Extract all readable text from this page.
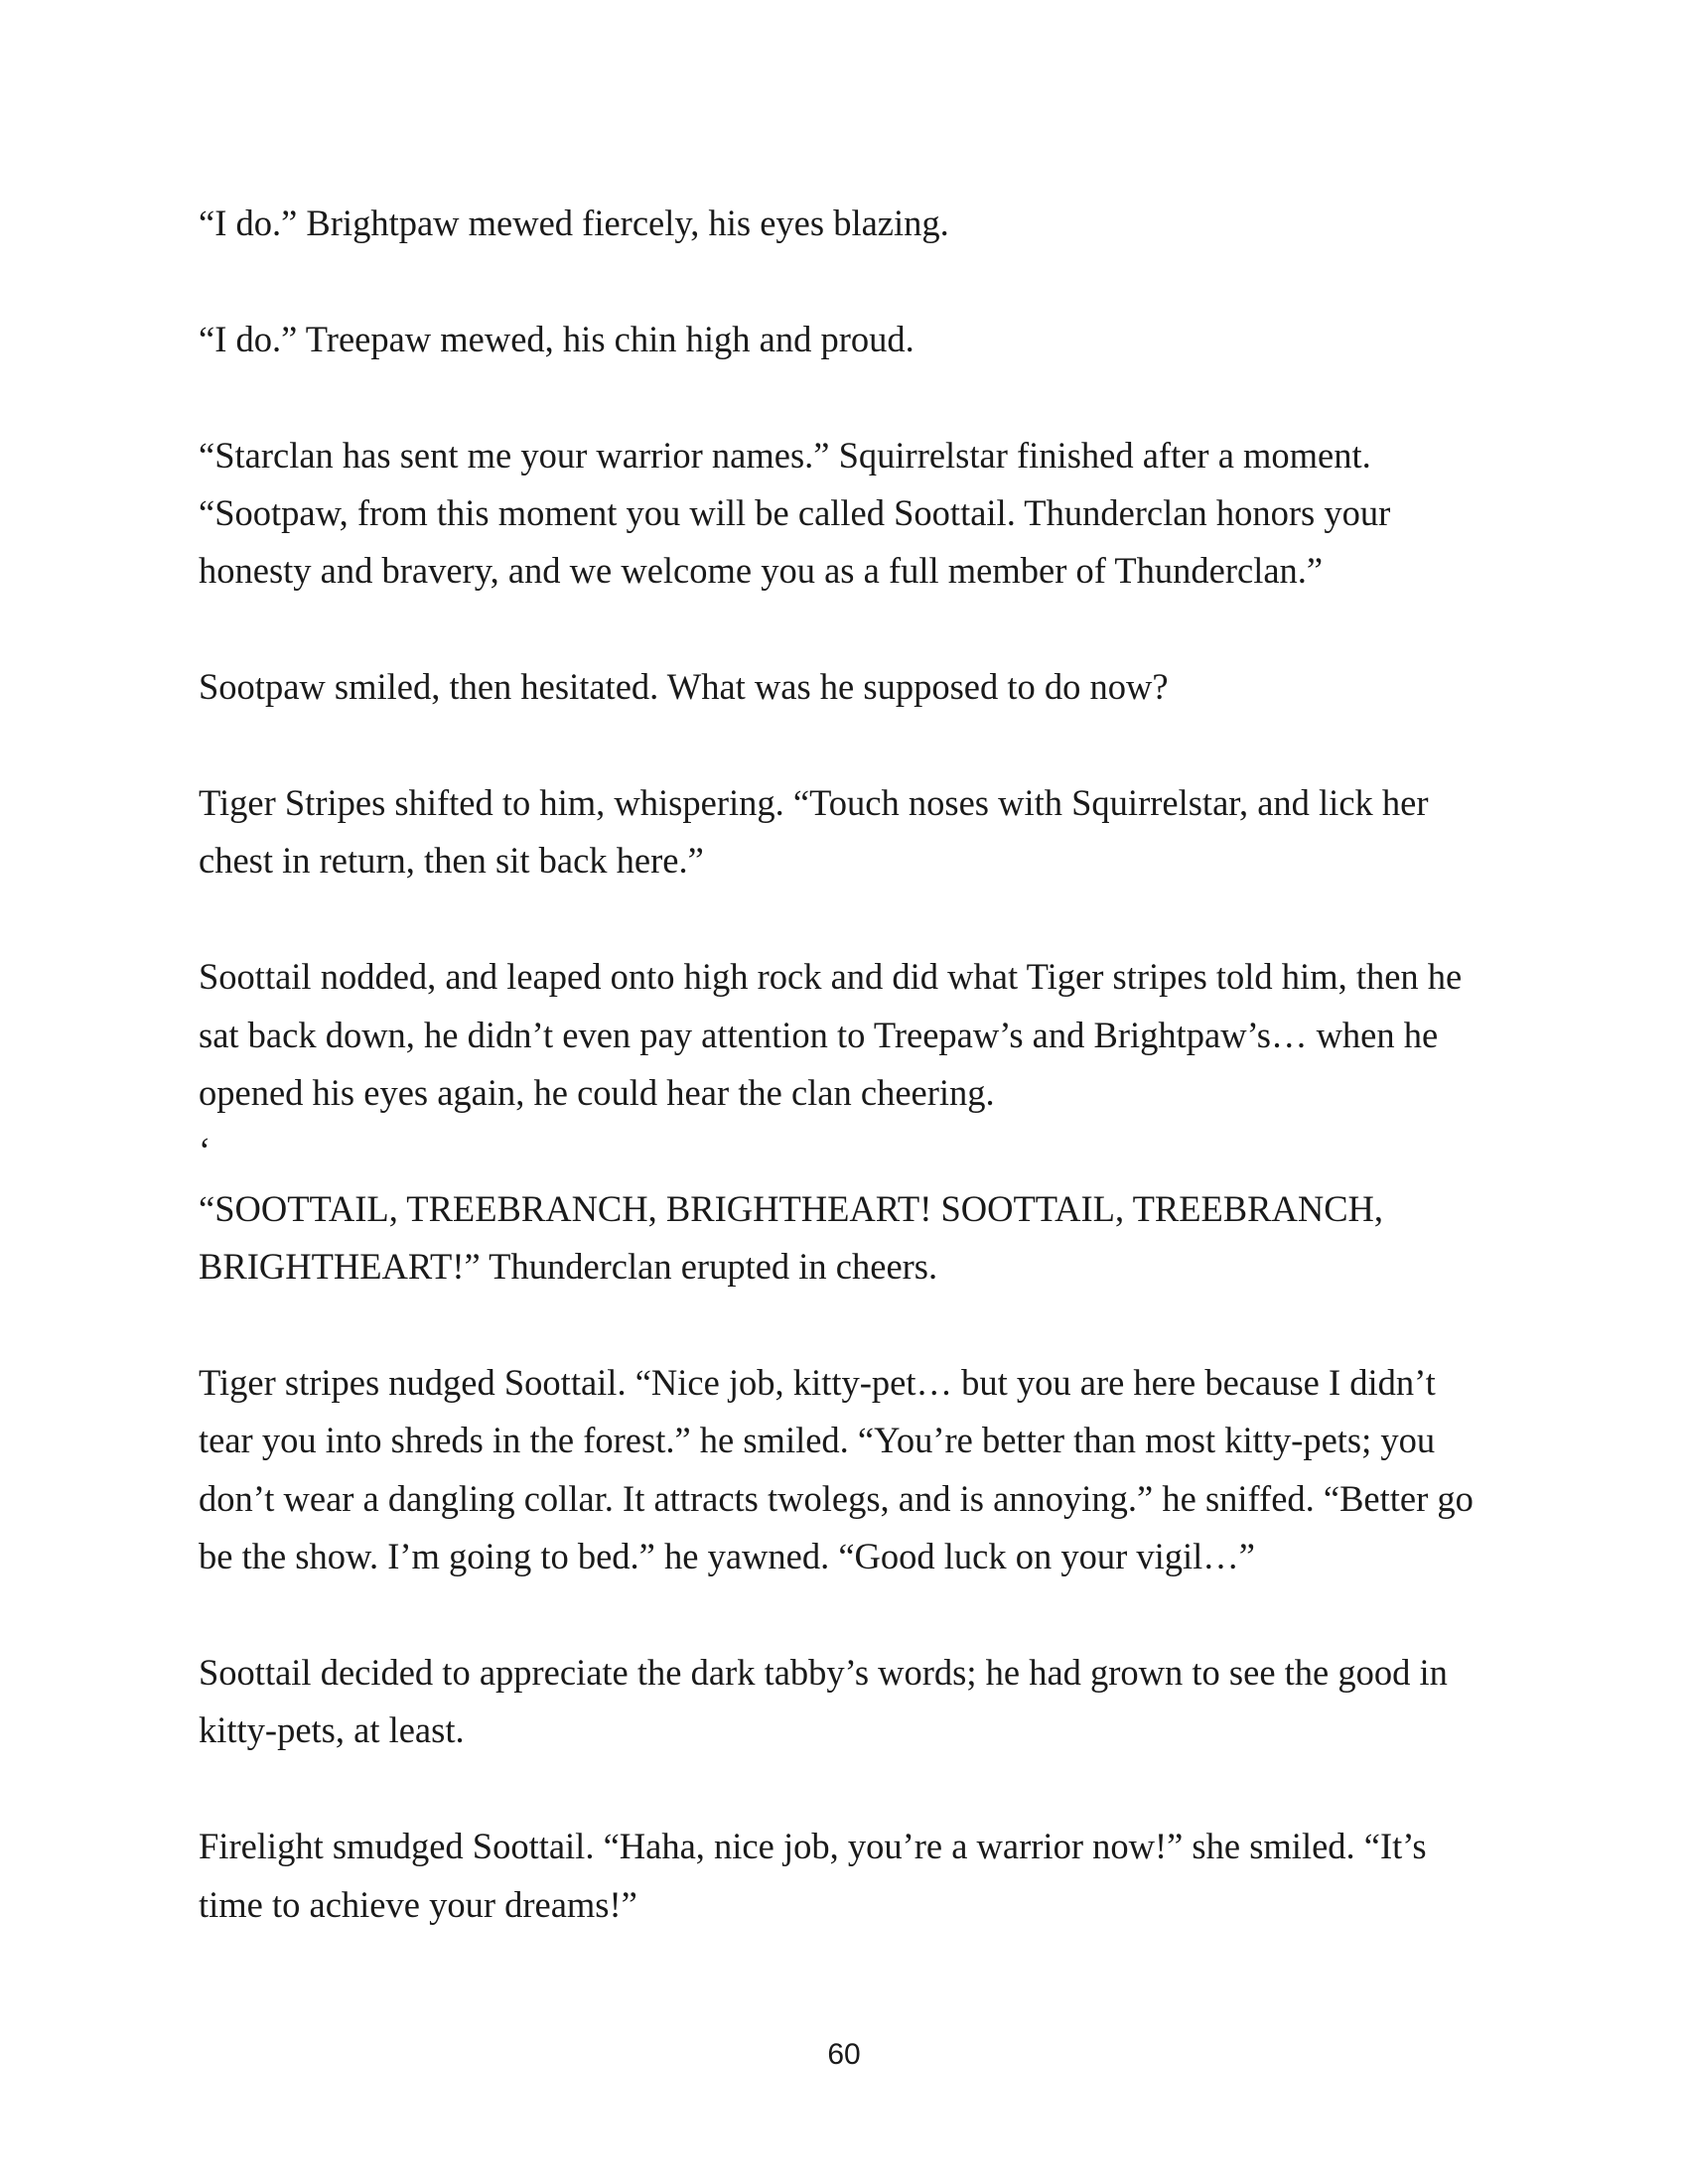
“I do.” Brightpaw mewed fiercely, his eyes blazing.

“I do.” Treepaw mewed, his chin high and proud.

“Starclan has sent me your warrior names.” Squirrelstar finished after a moment. “Sootpaw, from this moment you will be called Soottail. Thunderclan honors your honesty and bravery, and we welcome you as a full member of Thunderclan.”

Sootpaw smiled, then hesitated. What was he supposed to do now?

Tiger Stripes shifted to him, whispering. “Touch noses with Squirrelstar, and lick her chest in return, then sit back here.”

Soottail nodded, and leaped onto high rock and did what Tiger stripes told him, then he sat back down, he didn’t even pay attention to Treepaw’s and Brightpaw’s… when he opened his eyes again, he could hear the clan cheering.

‘

“SOOTTAIL, TREEBRANCH, BRIGHTHEART! SOOTTAIL, TREEBRANCH, BRIGHTHEART!” Thunderclan erupted in cheers.

Tiger stripes nudged Soottail. “Nice job, kitty-pet… but you are here because I didn’t tear you into shreds in the forest.” he smiled. “You’re better than most kitty-pets; you don’t wear a dangling collar. It attracts twolegs, and is annoying.” he sniffed. “Better go be the show. I’m going to bed.” he yawned. “Good luck on your vigil…”

Soottail decided to appreciate the dark tabby’s words; he had grown to see the good in kitty-pets, at least.

Firelight smudged Soottail. “Haha, nice job, you’re a warrior now!” she smiled. “It’s time to achieve your dreams!”

60
